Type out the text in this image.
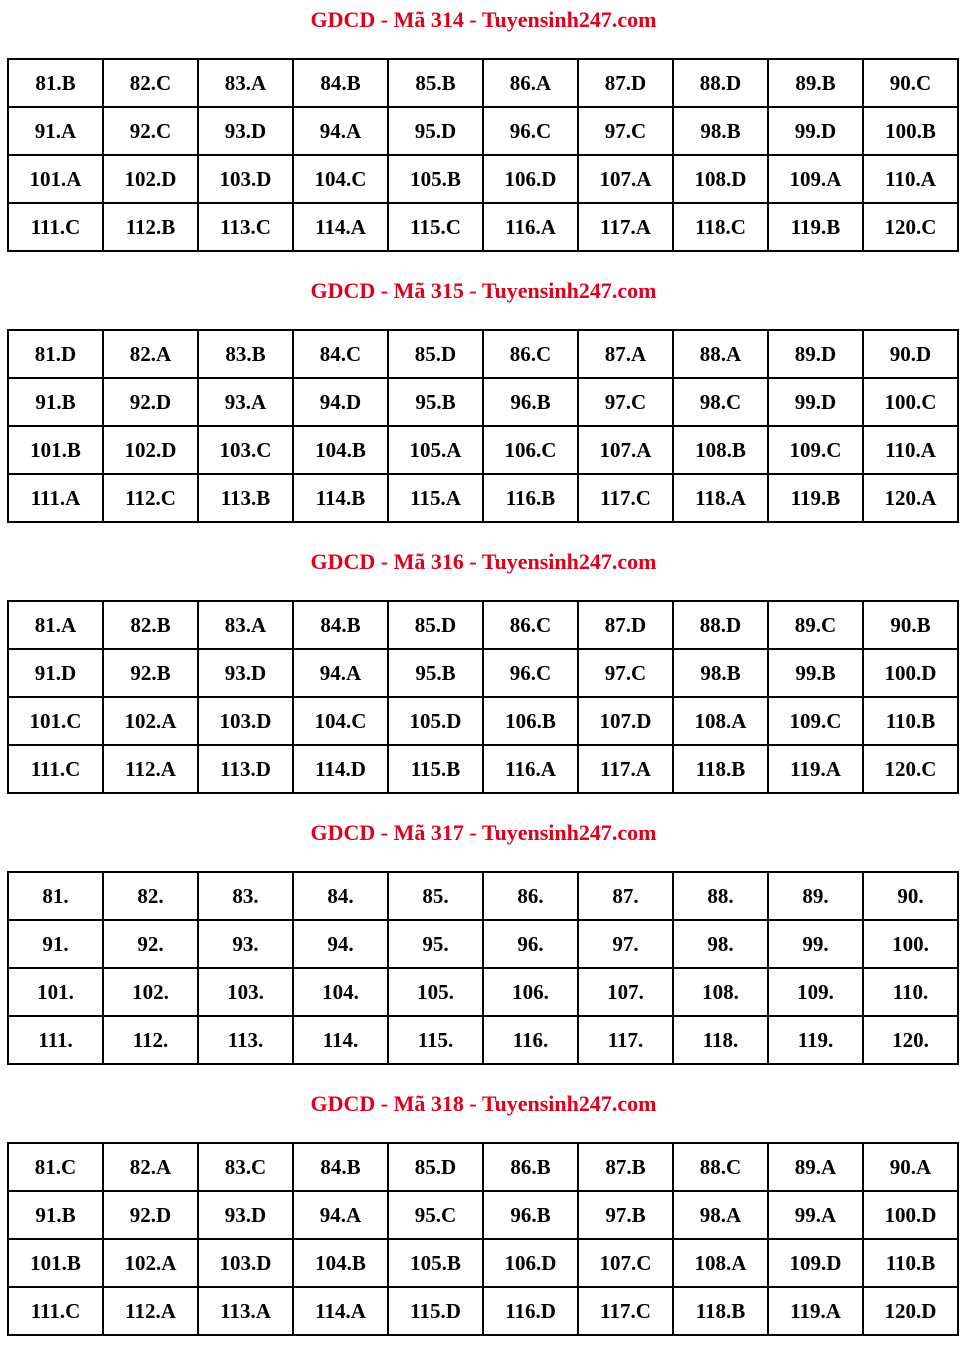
GDCD - Mã 314 - Tuyensinh247.com
81.B	82.C	83.A	84.B	85.B	86.A	87.D	88.D	89.B	90.C
91.A	92.C	93.D	94.A	95.D	96.C	97.C	98.B	99.D	100.B
101.A	102.D	103.D	104.C	105.B	106.D	107.A	108.D	109.A	110.A
111.C	112.B	113.C	114.A	115.C	116.A	117.A	118.C	119.B	120.C
GDCD - Mã 315 - Tuyensinh247.com
81.D	82.A	83.B	84.C	85.D	86.C	87.A	88.A	89.D	90.D
91.B	92.D	93.A	94.D	95.B	96.B	97.C	98.C	99.D	100.C
101.B	102.D	103.C	104.B	105.A	106.C	107.A	108.B	109.C	110.A
111.A	112.C	113.B	114.B	115.A	116.B	117.C	118.A	119.B	120.A
GDCD - Mã 316 - Tuyensinh247.com
81.A	82.B	83.A	84.B	85.D	86.C	87.D	88.D	89.C	90.B
91.D	92.B	93.D	94.A	95.B	96.C	97.C	98.B	99.B	100.D
101.C	102.A	103.D	104.C	105.D	106.B	107.D	108.A	109.C	110.B
111.C	112.A	113.D	114.D	115.B	116.A	117.A	118.B	119.A	120.C
GDCD - Mã 317 - Tuyensinh247.com
81.	82.	83.	84.	85.	86.	87.	88.	89.	90.
91.	92.	93.	94.	95.	96.	97.	98.	99.	100.
101.	102.	103.	104.	105.	106.	107.	108.	109.	110.
111.	112.	113.	114.	115.	116.	117.	118.	119.	120.
GDCD - Mã 318 - Tuyensinh247.com
81.C	82.A	83.C	84.B	85.D	86.B	87.B	88.C	89.A	90.A
91.B	92.D	93.D	94.A	95.C	96.B	97.B	98.A	99.A	100.D
101.B	102.A	103.D	104.B	105.B	106.D	107.C	108.A	109.D	110.B
111.C	112.A	113.A	114.A	115.D	116.D	117.C	118.B	119.A	120.D
